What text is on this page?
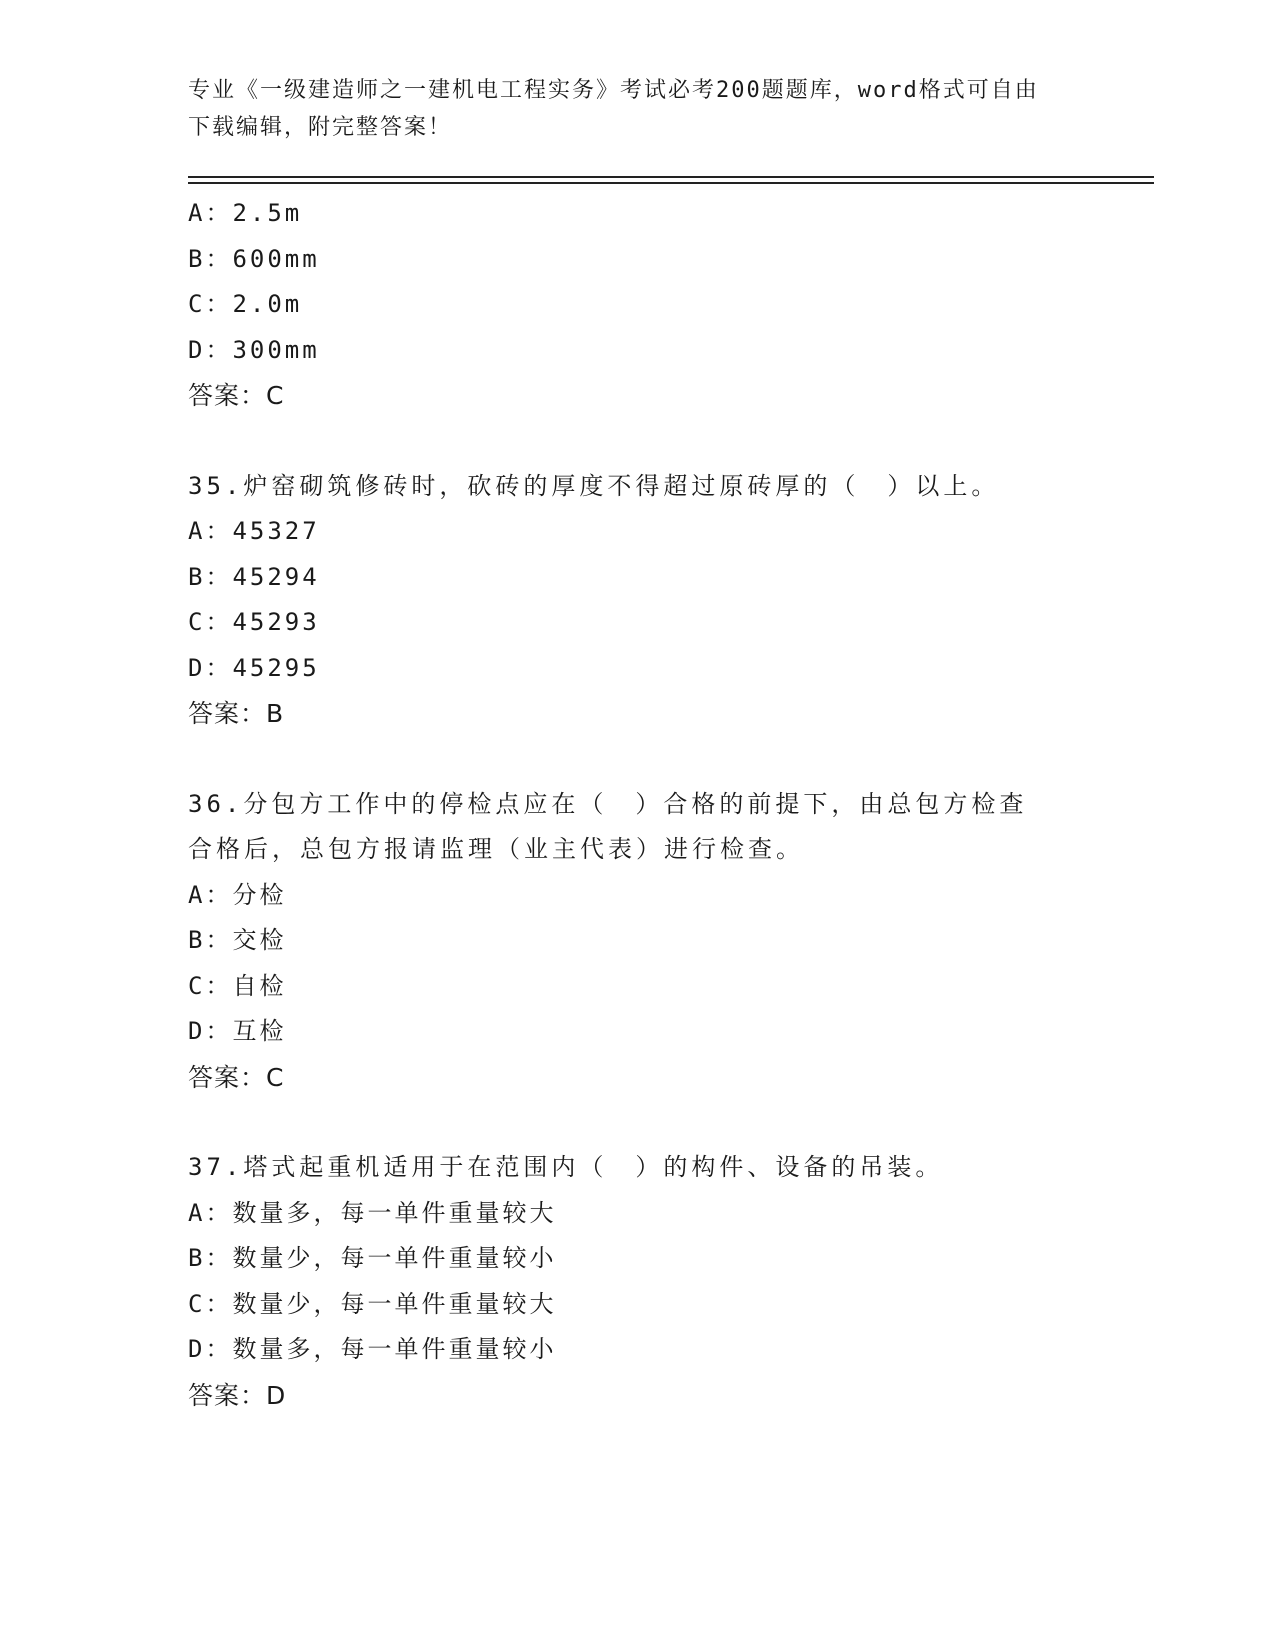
专业《一级建造师之一建机电工程实务》考试必考200题题库，word格式可自由
下载编辑，附完整答案！
A：2.5m
B：600mm
C：2.0m
D：300mm
答案：C
35.炉窑砌筑修砖时，砍砖的厚度不得超过原砖厚的（　）以上。
A：45327
B：45294
C：45293
D：45295
答案：B
36.分包方工作中的停检点应在（　）合格的前提下，由总包方检查合格后，总包方报请监理（业主代表）进行检查。
A：分检
B：交检
C：自检
D：互检
答案：C
37.塔式起重机适用于在范围内（　）的构件、设备的吊装。
A：数量多，每一单件重量较大
B：数量少，每一单件重量较小
C：数量少，每一单件重量较大
D：数量多，每一单件重量较小
答案：D
